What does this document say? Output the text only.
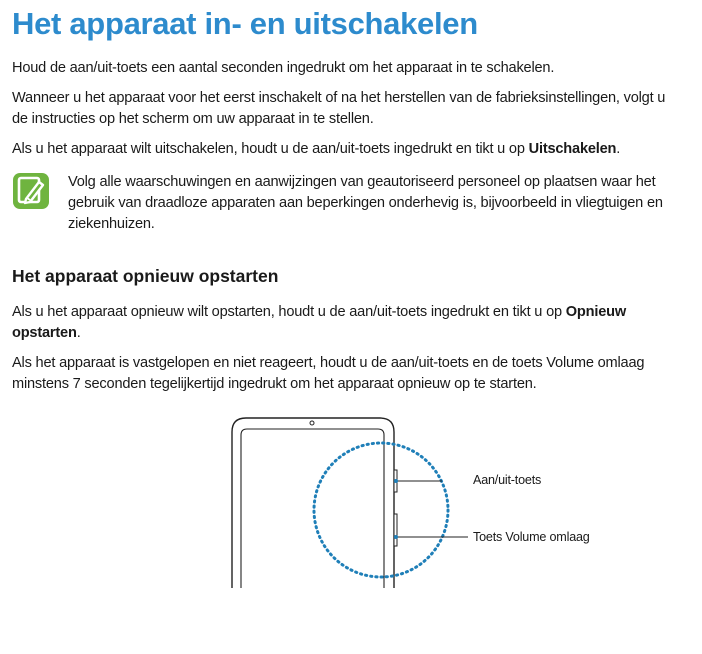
Het apparaat in- en uitschakelen

Houd de aan/uit-toets een aantal seconden ingedrukt om het apparaat in te schakelen.

Wanneer u het apparaat voor het eerst inschakelt of na het herstellen van de fabrieksinstellingen, volgt u de instructies op het scherm om uw apparaat in te stellen.

Als u het apparaat wilt uitschakelen, houdt u de aan/uit-toets ingedrukt en tikt u op Uitschakelen.

Volg alle waarschuwingen en aanwijzingen van geautoriseerd personeel op plaatsen waar het gebruik van draadloze apparaten aan beperkingen onderhevig is, bijvoorbeeld in vliegtuigen en ziekenhuizen.

Het apparaat opnieuw opstarten

Als u het apparaat opnieuw wilt opstarten, houdt u de aan/uit-toets ingedrukt en tikt u op Opnieuw opstarten.

Als het apparaat is vastgelopen en niet reageert, houdt u de aan/uit-toets en de toets Volume omlaag minstens 7 seconden tegelijkertijd ingedrukt om het apparaat opnieuw op te starten.

Aan/uit-toets
Toets Volume omlaag
